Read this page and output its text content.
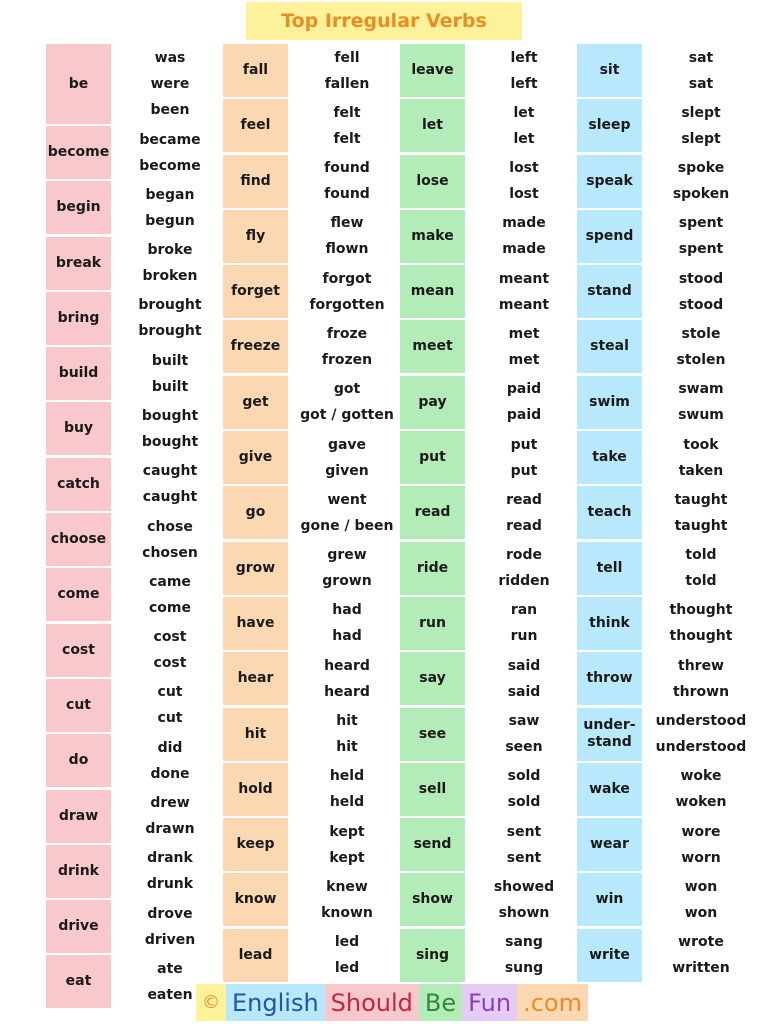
Top Irregular Verbs
be
was
were
been
become
became
become
begin
began
begun
break
broke
broken
bring
brought
brought
build
built
built
buy
bought
bought
catch
caught
caught
choose
chose
chosen
come
came
come
cost
cost
cost
cut
cut
cut
do
did
done
draw
drew
drawn
drink
drank
drunk
drive
drove
driven
eat
ate
eaten
fall
fell
fallen
feel
felt
felt
find
found
found
fly
flew
flown
forget
forgot
forgotten
freeze
froze
frozen
get
got
got / gotten
give
gave
given
go
went
gone / been
grow
grew
grown
have
had
had
hear
heard
heard
hit
hit
hit
hold
held
held
keep
kept
kept
know
knew
known
lead
led
led
leave
left
left
let
let
let
lose
lost
lost
make
made
made
mean
meant
meant
meet
met
met
pay
paid
paid
put
put
put
read
read
read
ride
rode
ridden
run
ran
run
say
said
said
see
saw
seen
sell
sold
sold
send
sent
sent
show
showed
shown
sing
sang
sung
sit
sat
sat
sleep
slept
slept
speak
spoke
spoken
spend
spent
spent
stand
stood
stood
steal
stole
stolen
swim
swam
swum
take
took
taken
teach
taught
taught
tell
told
told
think
thought
thought
throw
threw
thrown
under-
stand
understood
understood
wake
woke
woken
wear
wore
worn
win
won
won
write
wrote
written
© English Should Be Fun .com
